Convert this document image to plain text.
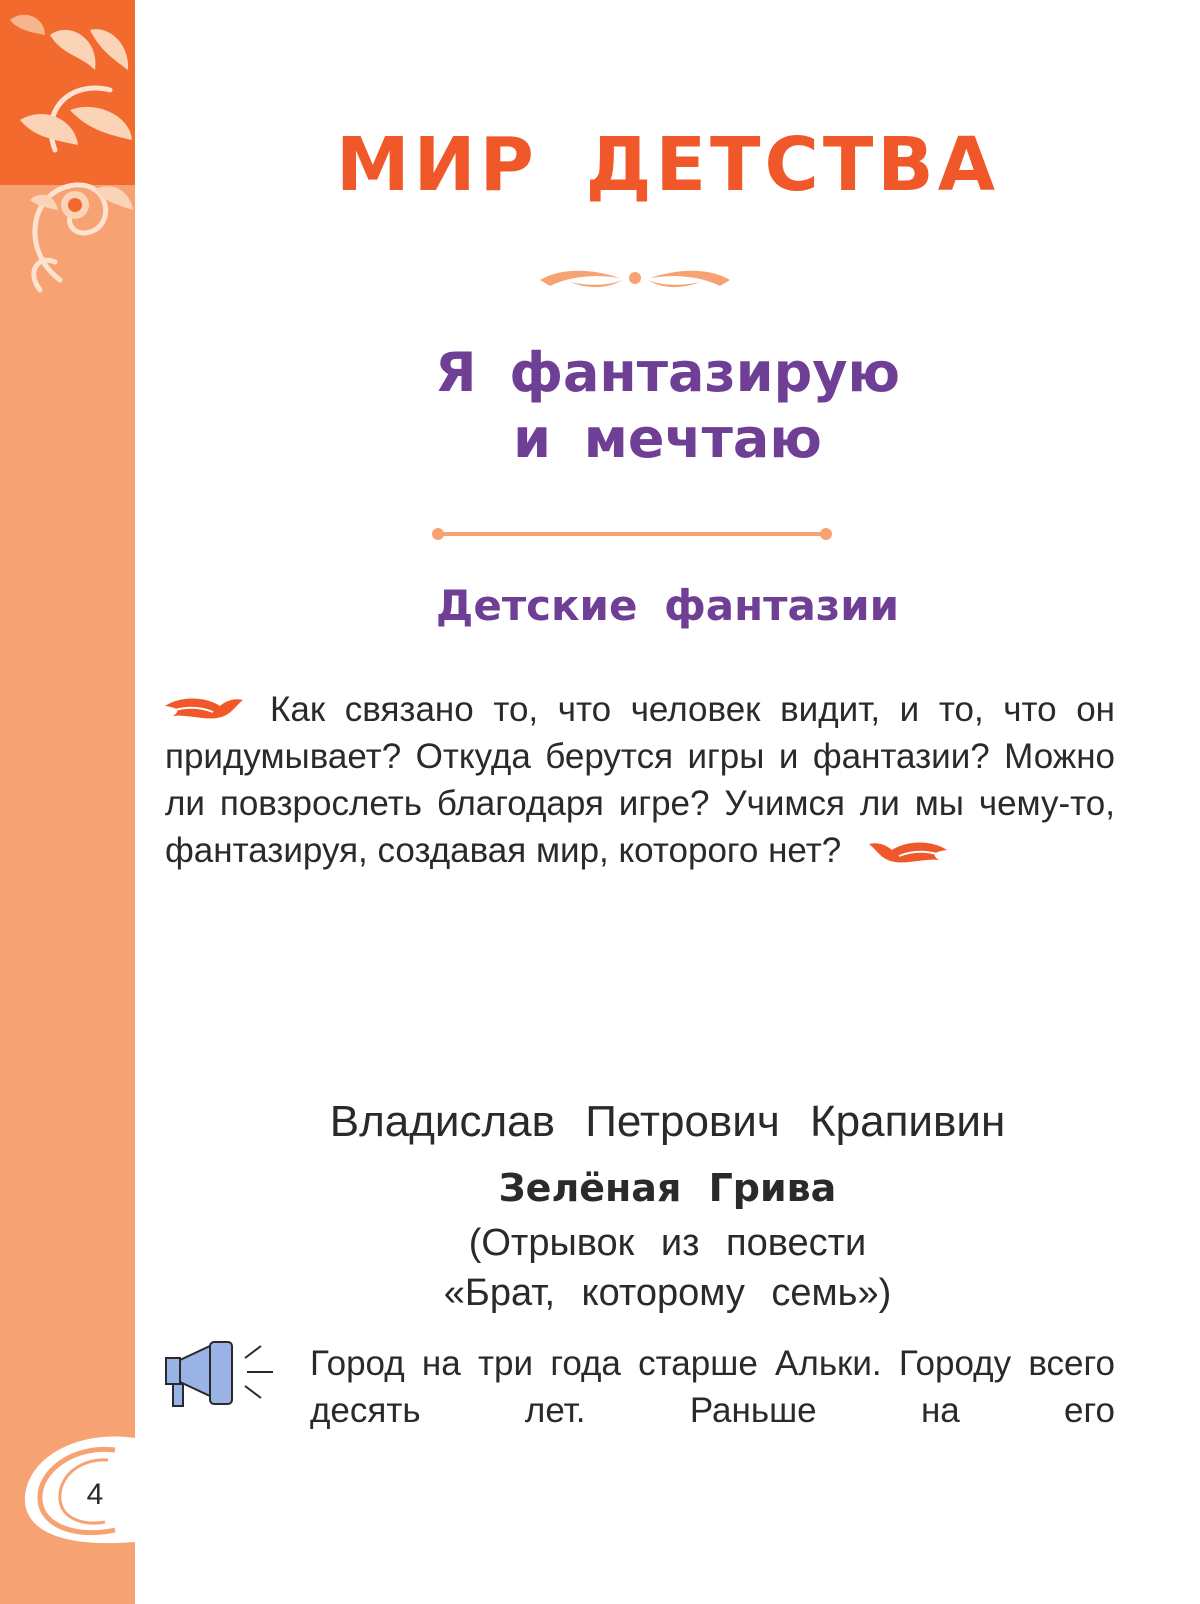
МИР ДЕТСТВА
Я фантазирую
и мечтаю
Детские фантазии

Как связано то, что человек видит, и то, что он придумывает? Откуда берутся игры и фантазии? Можно ли повзрослеть благодаря игре? Учимся ли мы чему-то, фантазируя, создавая мир, которого нет?

Владислав Петрович Крапивин

Зелёная Грива

(Отрывок из повести
«Брат, которому семь»)

Город на три года старше Альки. Городу всего десять лет. Раньше на его

4
